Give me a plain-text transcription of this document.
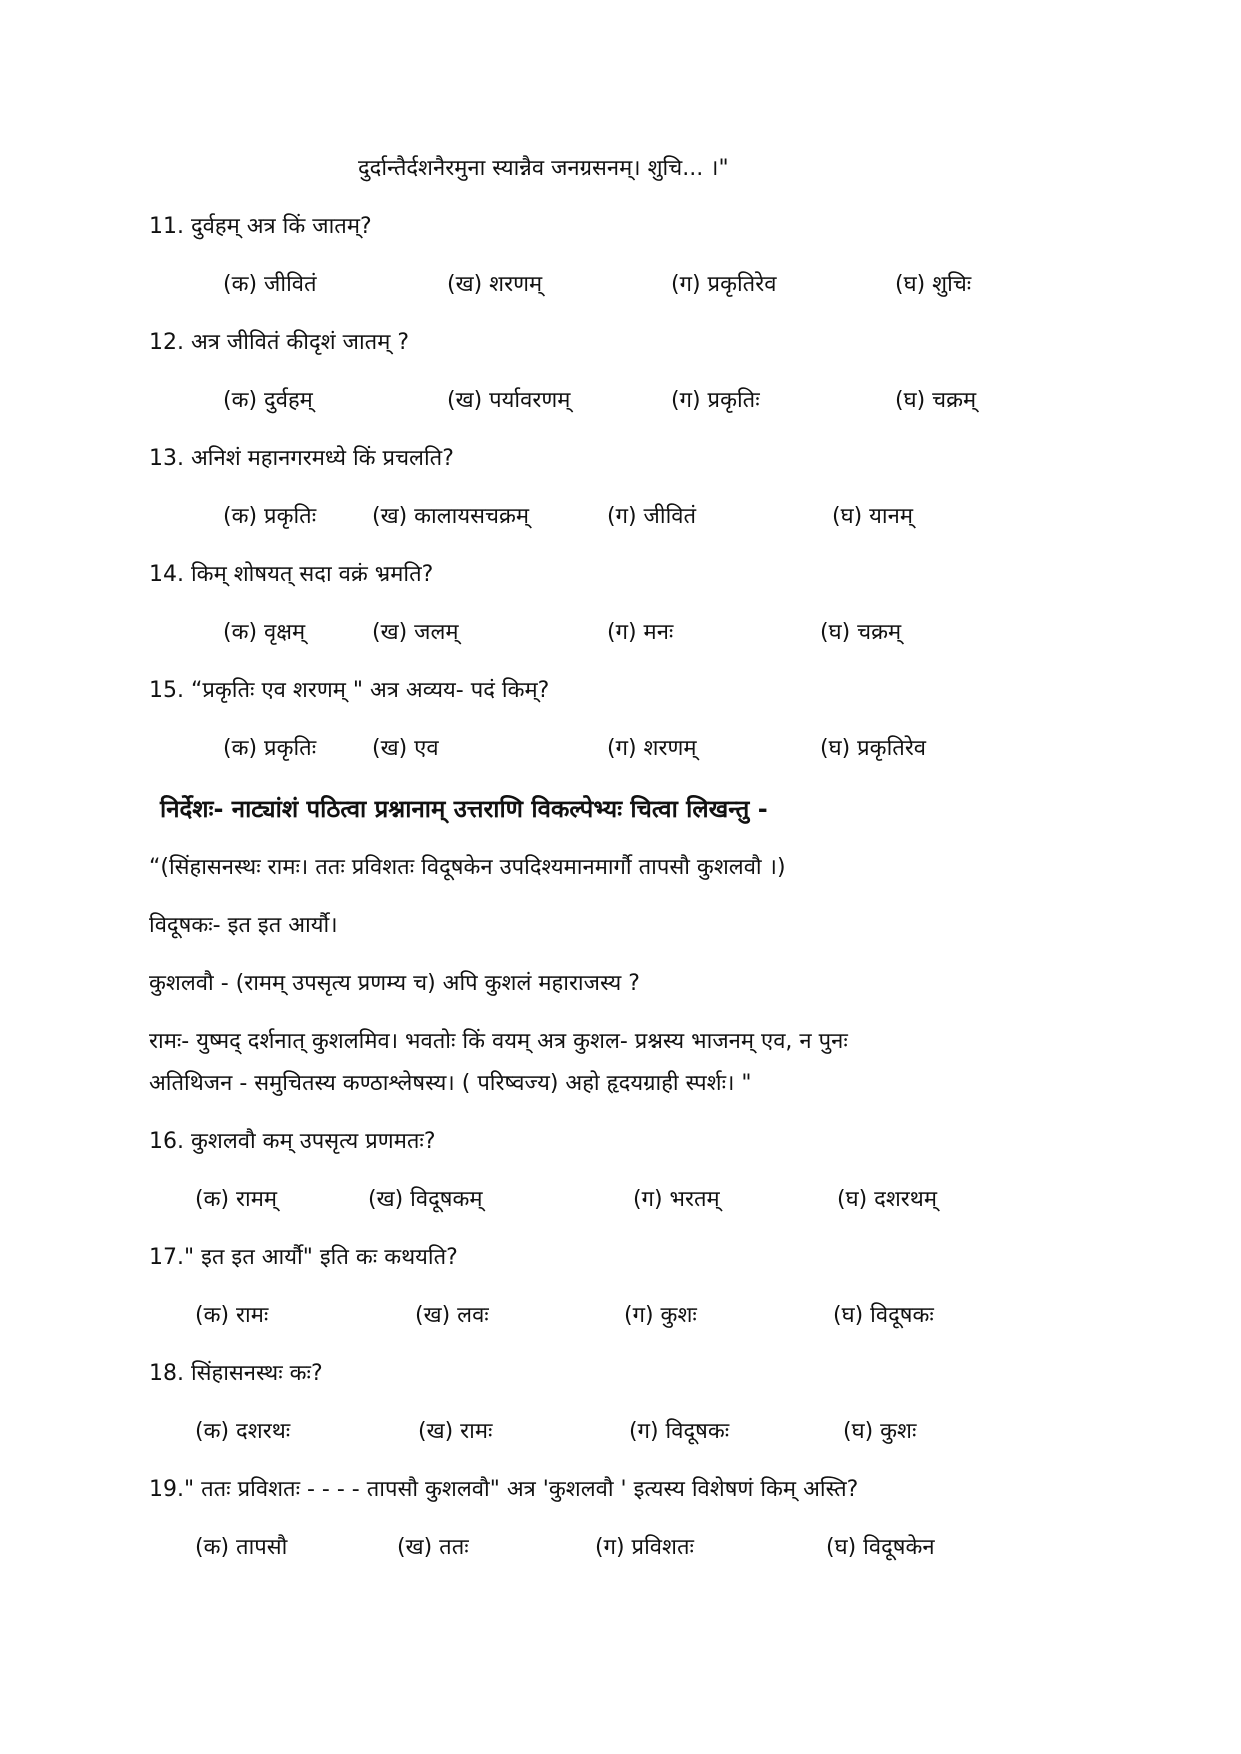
दुर्दान्तैर्दशनैरमुना स्यान्नैव जनग्रसनम्। शुचि... ।"
11. दुर्वहम् अत्र किं जातम्?
(क) जीवितं	(ख) शरणम्	(ग) प्रकृतिरेव	(घ) शुचिः
12. अत्र जीवितं कीदृशं जातम् ?
(क) दुर्वहम्	(ख) पर्यावरणम्	(ग) प्रकृतिः	(घ) चक्रम्
13. अनिशं महानगरमध्ये किं प्रचलति?
(क) प्रकृतिः	(ख) कालायसचक्रम्	(ग) जीवितं	(घ) यानम्
14. किम् शोषयत् सदा वक्रं भ्रमति?
(क) वृक्षम्	(ख) जलम्	(ग) मनः	(घ) चक्रम्
15. “प्रकृतिः एव शरणम् " अत्र अव्यय- पदं किम्?
(क) प्रकृतिः	(ख) एव	(ग) शरणम्	(घ) प्रकृतिरेव
निर्देशः- नाट्यांशं पठित्वा प्रश्नानाम् उत्तराणि विकल्पेभ्यः चित्वा लिखन्तु -
“(सिंहासनस्थः रामः। ततः प्रविशतः विदूषकेन उपदिश्यमानमार्गौ तापसौ कुशलवौ ।)
विदूषकः- इत इत आर्यौ।
कुशलवौ - (रामम् उपसृत्य प्रणम्य च) अपि कुशलं महाराजस्य ?
रामः- युष्मद् दर्शनात् कुशलमिव। भवतोः किं वयम् अत्र कुशल- प्रश्नस्य भाजनम् एव, न पुनः
अतिथिजन - समुचितस्य कण्ठाश्लेषस्य। ( परिष्वज्य) अहो हृदयग्राही स्पर्शः। "
16. कुशलवौ कम् उपसृत्य प्रणमतः?
(क) रामम्	(ख) विदूषकम्	(ग) भरतम्	(घ) दशरथम्
17." इत इत आर्यौ" इति कः कथयति?
(क) रामः	(ख) लवः	(ग) कुशः	(घ) विदूषकः
18. सिंहासनस्थः कः?
(क) दशरथः	(ख) रामः	(ग) विदूषकः	(घ) कुशः
19." ततः प्रविशतः - - - - तापसौ कुशलवौ" अत्र 'कुशलवौ ' इत्यस्य विशेषणं किम् अस्ति?
(क) तापसौ	(ख) ततः	(ग) प्रविशतः	(घ) विदूषकेन
